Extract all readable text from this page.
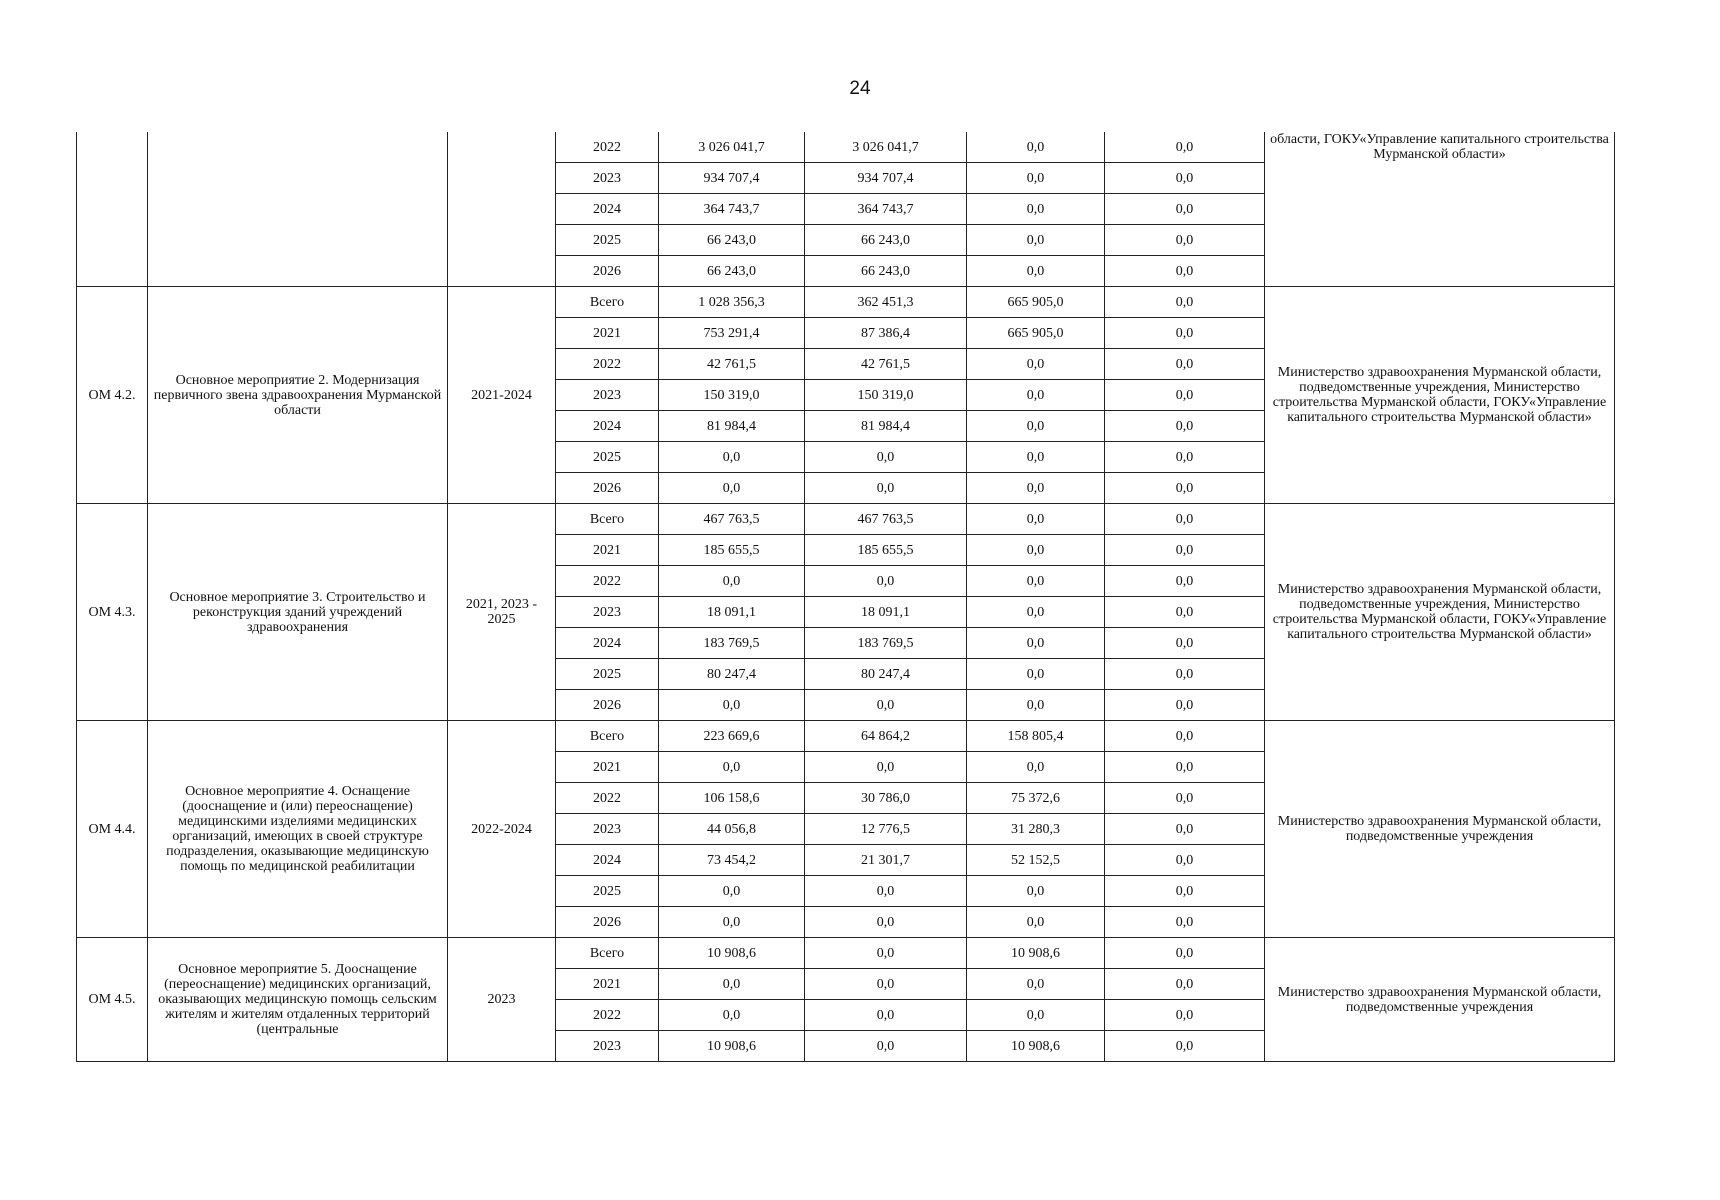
24
			2022	3 026 041,7	3 026 041,7	0,0	0,0	области, ГОКУ«Управление капитального строительства Мурманской области»
			2023	934 707,4	934 707,4	0,0	0,0	
			2024	364 743,7	364 743,7	0,0	0,0	
			2025	66 243,0	66 243,0	0,0	0,0	
			2026	66 243,0	66 243,0	0,0	0,0	
ОМ 4.2.	Основное мероприятие 2. Модернизация первичного звена здравоохранения Мурманской области	2021-2024	Всего	1 028 356,3	362 451,3	665 905,0	0,0	Министерство здравоохранения Мурманской области, подведомственные учреждения, Министерство строительства Мурманской области, ГОКУ«Управление капитального строительства Мурманской области»
			2021	753 291,4	87 386,4	665 905,0	0,0	
			2022	42 761,5	42 761,5	0,0	0,0	
			2023	150 319,0	150 319,0	0,0	0,0	
			2024	81 984,4	81 984,4	0,0	0,0	
			2025	0,0	0,0	0,0	0,0	
			2026	0,0	0,0	0,0	0,0	
ОМ 4.3.	Основное мероприятие 3. Строительство и реконструкция зданий учреждений здравоохранения	2021, 2023 - 2025	Всего	467 763,5	467 763,5	0,0	0,0	Министерство здравоохранения Мурманской области, подведомственные учреждения, Министерство строительства Мурманской области, ГОКУ«Управление капитального строительства Мурманской области»
			2021	185 655,5	185 655,5	0,0	0,0	
			2022	0,0	0,0	0,0	0,0	
			2023	18 091,1	18 091,1	0,0	0,0	
			2024	183 769,5	183 769,5	0,0	0,0	
			2025	80 247,4	80 247,4	0,0	0,0	
			2026	0,0	0,0	0,0	0,0	
ОМ 4.4.	Основное мероприятие 4. Оснащение (дооснащение и (или) переоснащение) медицинскими изделиями медицинских организаций, имеющих в своей структуре подразделения, оказывающие медицинскую помощь по медицинской реабилитации	2022-2024	Всего	223 669,6	64 864,2	158 805,4	0,0	Министерство здравоохранения Мурманской области, подведомственные учреждения
			2021	0,0	0,0	0,0	0,0	
			2022	106 158,6	30 786,0	75 372,6	0,0	
			2023	44 056,8	12 776,5	31 280,3	0,0	
			2024	73 454,2	21 301,7	52 152,5	0,0	
			2025	0,0	0,0	0,0	0,0	
			2026	0,0	0,0	0,0	0,0	
ОМ 4.5.	Основное мероприятие 5. Дооснащение (переоснащение) медицинских организаций, оказывающих медицинскую помощь сельским жителям и жителям отдаленных территорий (центральные	2023	Всего	10 908,6	0,0	10 908,6	0,0	Министерство здравоохранения Мурманской области, подведомственные учреждения
			2021	0,0	0,0	0,0	0,0	
			2022	0,0	0,0	0,0	0,0	
			2023	10 908,6	0,0	10 908,6	0,0	
